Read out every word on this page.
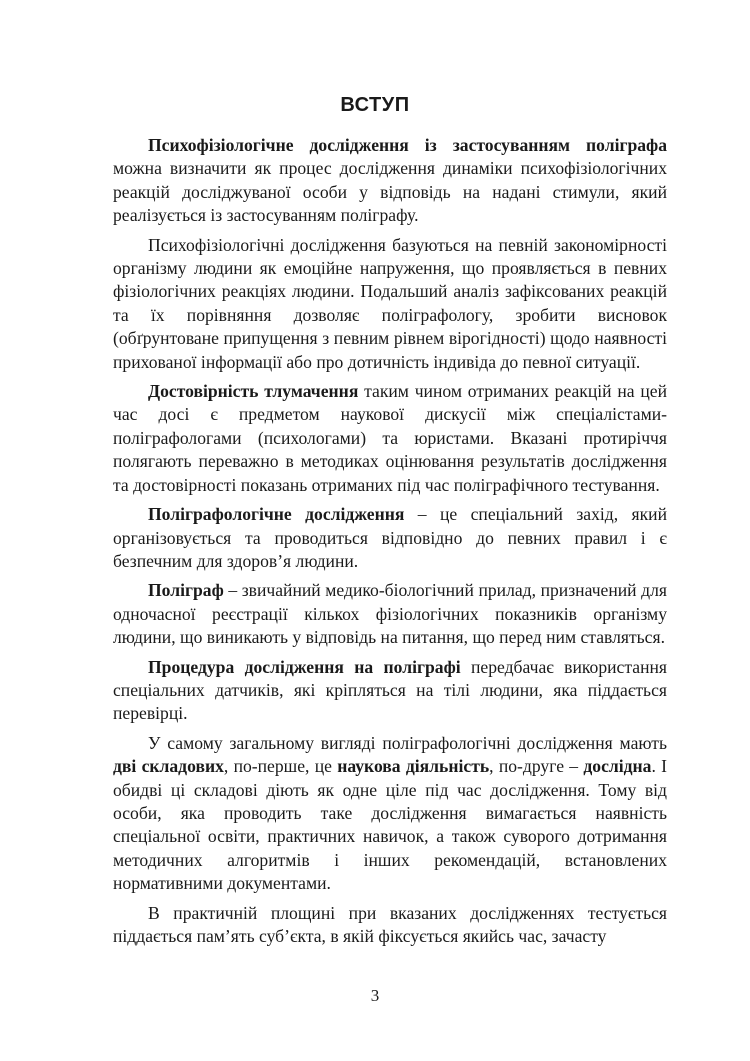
ВСТУП

Психофізіологічне дослідження із застосуванням поліграфа можна визначити як процес дослідження динаміки психофізіологічних реакцій досліджуваної особи у відповідь на надані стимули, який реалізується із застосуванням поліграфу.

Психофізіологічні дослідження базуються на певній закономірності організму людини як емоційне напруження, що проявляється в певних фізіологічних реакціях людини. Подальший аналіз зафіксованих реакцій та їх порівняння дозволяє поліграфологу, зробити висновок (обґрунтоване припущення з певним рівнем вірогідності) щодо наявності прихованої інформації або про дотичність індивіда до певної ситуації.

Достовірність тлумачення таким чином отриманих реакцій на цей час досі є предметом наукової дискусії між спеціалістами-поліграфологами (психологами) та юристами. Вказані протиріччя полягають переважно в методиках оцінювання результатів дослідження та достовірності показань отриманих під час поліграфічного тестування.

Поліграфологічне дослідження – це спеціальний захід, який організовується та проводиться відповідно до певних правил і є безпечним для здоров’я людини.

Поліграф – звичайний медико-біологічний прилад, призначений для одночасної реєстрації кількох фізіологічних показників організму людини, що виникають у відповідь на питання, що перед ним ставляться.

Процедура дослідження на поліграфі передбачає використання спеціальних датчиків, які кріпляться на тілі людини, яка піддається перевірці.

У самому загальному вигляді поліграфологічні дослідження мають дві складових, по-перше, це наукова діяльність, по-друге – дослідна. І обидві ці складові діють як одне ціле під час дослідження. Тому від особи, яка проводить таке дослідження вимагається наявність спеціальної освіти, практичних навичок, а також суворого дотримання методичних алгоритмів і інших рекомендацій, встановлених нормативними документами.

В практичній площині при вказаних дослідженнях тестується піддається пам’ять суб’єкта, в якій фіксується якийсь час, зачасту

3
